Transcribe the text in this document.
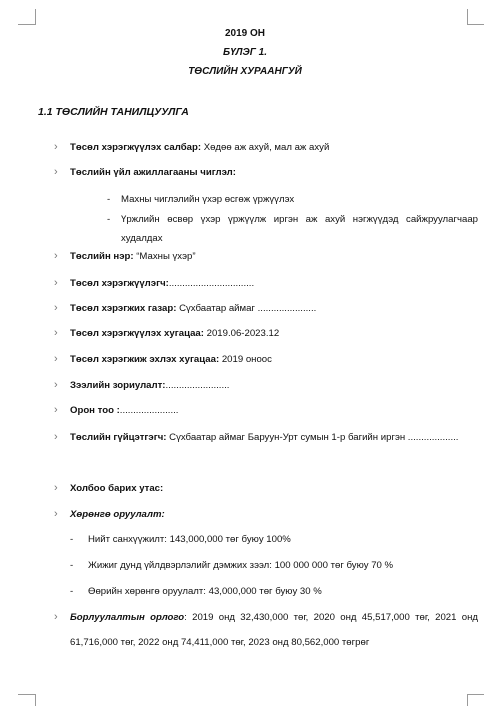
2019 ОН
БҮЛЭГ 1.
ТӨСЛИЙН ХУРААНГУЙ
1.1 ТӨСЛИЙН ТАНИЛЦУУЛГА
›	Төсөл хэрэгжүүлэх салбар: Хөдөө аж ахуй, мал аж ахуй
›	Төслийн үйл ажиллагааны чиглэл:
- Махны чиглэлийн үхэр өсгөж үржүүлэх
- Үржлийн өсвөр үхэр үржүүлж иргэн аж ахуй нэгжүүдэд сайжруулагчаар худалдах
›	Төслийн нэр: “Махны үхэр”
›	Төсөл хэрэгжүүлэгч:................................
›	Төсөл хэрэгжих газар: Сүхбаатар аймаг ......................
›	Төсөл хэрэгжүүлэх хугацаа: 2019.06-2023.12
›	Төсөл хэрэгжиж эхлэх хугацаа: 2019 оноос
›	Зээлийн зориулалт:........................
›	Орон тоо :......................
›	Төслийн гүйцэтгэгч: Сүхбаатар аймаг Баруун-Урт сумын 1-р багийн иргэн ...................
›	Холбоо барих утас:
›	Хөрөнгө оруулалт:
- Нийт санхүүжилт: 143,000,000 төг буюу 100%
- Жижиг дунд үйлдвэрлэлийг дэмжих зээл: 100 000 000 төг буюу 70 %
- Өөрийн хөрөнгө оруулалт: 43,000,000 төг буюу 30 %
›	Борлуулалтын орлого: 2019 онд 32,430,000 төг, 2020 онд 45,517,000 төг, 2021 онд 61,716,000 төг, 2022 онд 74,411,000 төг, 2023 онд 80,562,000 төгрөг
